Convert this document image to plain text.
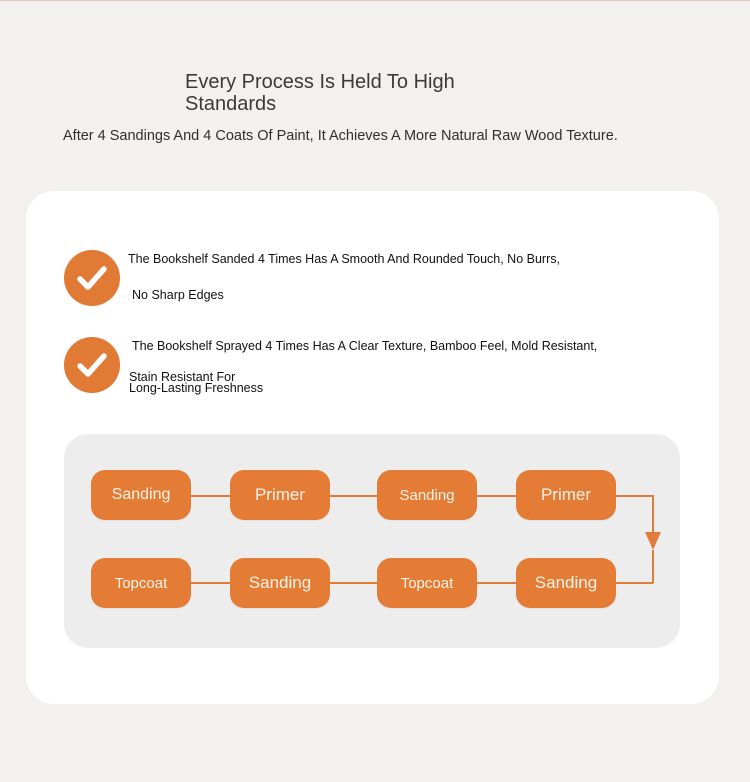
Every Process Is Held To High Standards

After 4 Sandings And 4 Coats Of Paint, It Achieves A More Natural Raw Wood Texture.

The Bookshelf Sanded 4 Times Has A Smooth And Rounded Touch, No Burrs,
No Sharp Edges
The Bookshelf Sprayed 4 Times Has A Clear Texture, Bamboo Feel, Mold Resistant,
Stain Resistant For
Long-Lasting Freshness
Sanding	Primer	Sanding	Primer
Topcoat	Sanding	Topcoat	Sanding
